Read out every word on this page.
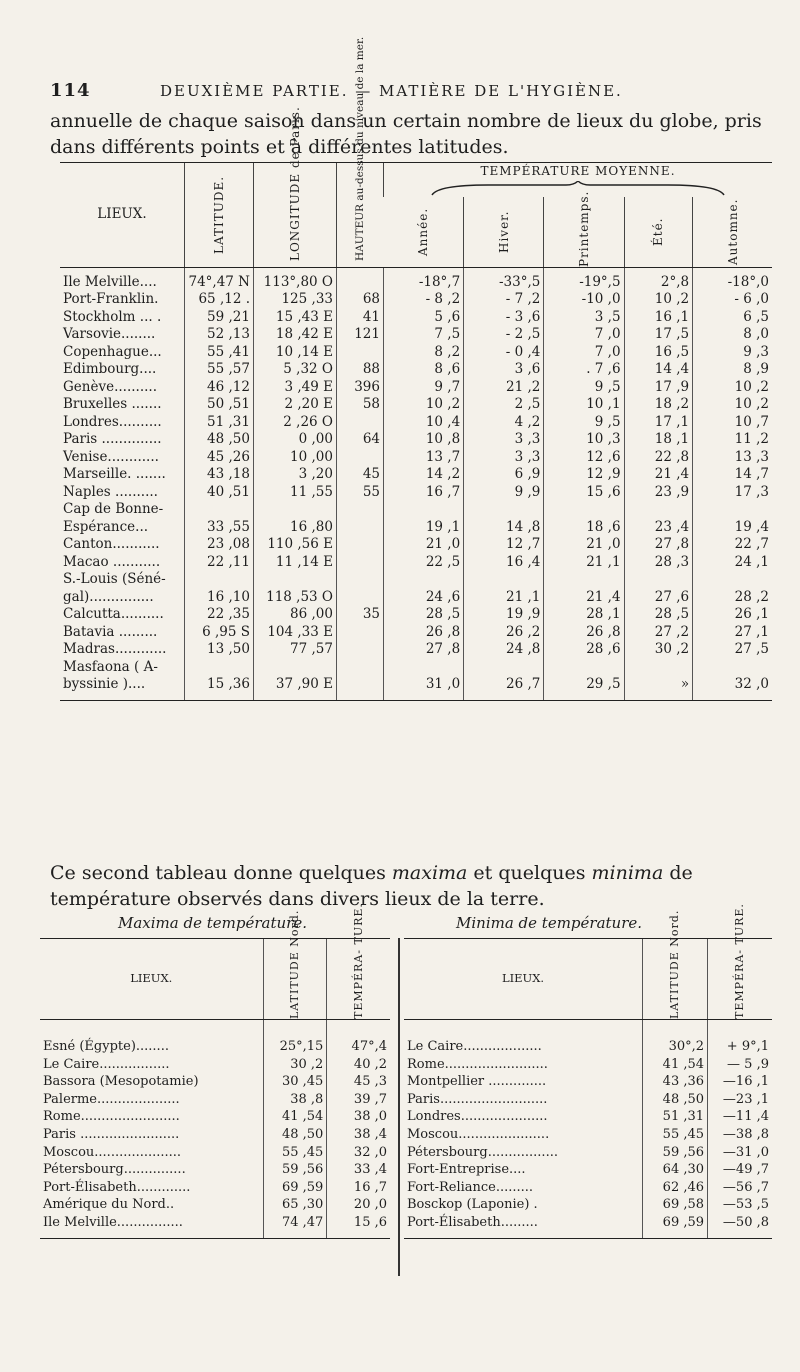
114	DEUXIÈME PARTIE. — MATIÈRE DE L'HYGIÈNE.
annuelle de chaque saison dans un certain nombre de lieux du globe, pris dans différents points et à différentes latitudes.
LIEUX.	LATITUDE.	LONGITUDE de Paris.	HAUTEUR au-dessus du niveau de la mer.	TEMPÉRATURE MOYENNE.				

				Année.	Hiver.	Printemps.	Été.	Automne.

Ile Melville....	74°,47 N	113°,80 O		-18°,7	-33°,5	-19°,5	2°,8	-18°,0
Port-Franklin.	65 ,12 .	125 ,33	68	- 8 ,2	- 7 ,2	-10 ,0	10 ,2	- 6 ,0
Stockholm ... .	59 ,21	15 ,43 E	41	5 ,6	- 3 ,6	3 ,5	16 ,1	6 ,5
Varsovie........	52 ,13	18 ,42 E	121	7 ,5	- 2 ,5	7 ,0	17 ,5	8 ,0
Copenhague...	55 ,41	10 ,14 E		8 ,2	- 0 ,4	7 ,0	16 ,5	9 ,3
Edimbourg....	55 ,57	5 ,32 O	88	8 ,6	3 ,6	. 7 ,6	14 ,4	8 ,9
Genève..........	46 ,12	3 ,49 E	396	9 ,7	21 ,2	9 ,5	17 ,9	10 ,2
Bruxelles .......	50 ,51	2 ,20 E	58	10 ,2	2 ,5	10 ,1	18 ,2	10 ,2
Londres..........	51 ,31	2 ,26 O		10 ,4	4 ,2	9 ,5	17 ,1	10 ,7
Paris ..............	48 ,50	0 ,00	64	10 ,8	3 ,3	10 ,3	18 ,1	11 ,2
Venise............	45 ,26	10 ,00		13 ,7	3 ,3	12 ,6	22 ,8	13 ,3
Marseille. .......	43 ,18	3 ,20	45	14 ,2	6 ,9	12 ,9	21 ,4	14 ,7
Naples ..........	40 ,51	11 ,55	55	16 ,7	9 ,9	15 ,6	23 ,9	17 ,3
Cap de Bonne-								
Espérance...	33 ,55	16 ,80		19 ,1	14 ,8	18 ,6	23 ,4	19 ,4
Canton...........	23 ,08	110 ,56 E		21 ,0	12 ,7	21 ,0	27 ,8	22 ,7
Macao ...........	22 ,11	11 ,14 E		22 ,5	16 ,4	21 ,1	28 ,3	24 ,1
S.-Louis (Séné-								
gal)...............	16 ,10	118 ,53 O		24 ,6	21 ,1	21 ,4	27 ,6	28 ,2
Calcutta..........	22 ,35	86 ,00	35	28 ,5	19 ,9	28 ,1	28 ,5	26 ,1
Batavia .........	6 ,95 S	104 ,33 E		26 ,8	26 ,2	26 ,8	27 ,2	27 ,1
Madras............	13 ,50	77 ,57		27 ,8	24 ,8	28 ,6	30 ,2	27 ,5
Masfaona ( A-								
byssinie )....	15 ,36	37 ,90 E		31 ,0	26 ,7	29 ,5	»	32 ,0
Ce second tableau donne quelques maxima et quelques minima de température observés dans divers lieux de la terre.
Maxima de température.	Minima de température.
LIEUX.	LATITUDE Nord.	TEMPÉRA- TURE.

Esné (Égypte)........	25°,15	47°,4
Le Caire.................	30 ,2	40 ,2
Bassora (Mesopotamie)	30 ,45	45 ,3
Palerme....................	38 ,8	39 ,7
Rome........................	41 ,54	38 ,0
Paris ........................	48 ,50	38 ,4
Moscou.....................	55 ,45	32 ,0
Pétersbourg...............	59 ,56	33 ,4
Port-Élisabeth.............	69 ,59	16 ,7
Amérique du Nord..	65 ,30	20 ,0
Ile Melville................	74 ,47	15 ,6
LIEUX.	LATITUDE Nord.	TEMPÉRA- TURE.

Le Caire...................	30°,2	+ 9°,1
Rome.........................	41 ,54	— 5 ,9
Montpellier ..............	43 ,36	—16 ,1
Paris..........................	48 ,50	—23 ,1
Londres.....................	51 ,31	—11 ,4
Moscou......................	55 ,45	—38 ,8
Pétersbourg.................	59 ,56	—31 ,0
Fort-Entreprise....	64 ,30	—49 ,7
Fort-Reliance.........	62 ,46	—56 ,7
Bosckop (Laponie) .	69 ,58	—53 ,5
Port-Élisabeth.........	69 ,59	—50 ,8
